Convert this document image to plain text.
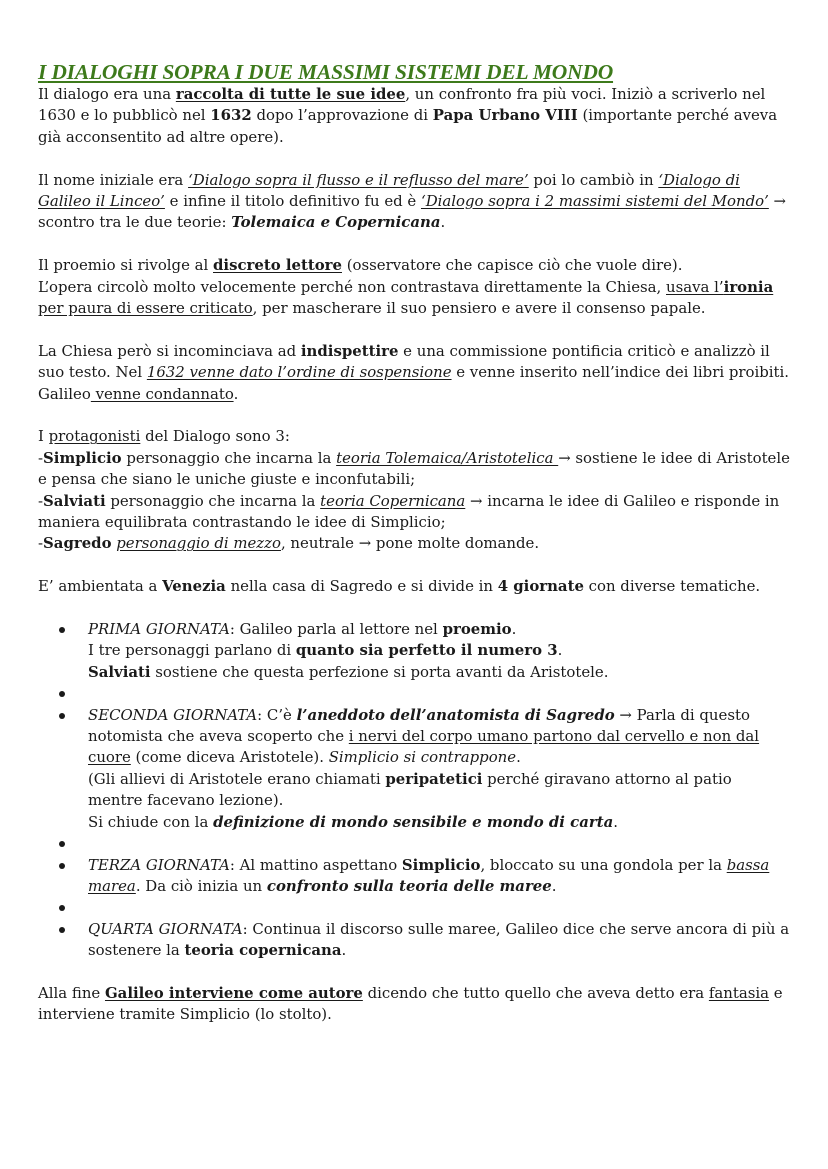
I DIALOGHI SOPRA I DUE MASSIMI SISTEMI DEL MONDO

Il dialogo era una raccolta di tutte le sue idee, un confronto fra più voci. Iniziò a scriverlo nel 1630 e lo pubblicò nel 1632 dopo l’approvazione di Papa Urbano VIII (importante perché aveva già acconsentito ad altre opere).

Il nome iniziale era ‘Dialogo sopra il flusso e il reflusso del mare’ poi lo cambiò in ‘Dialogo di Galileo il Linceo’ e infine il titolo definitivo fu ed è ‘Dialogo sopra i 2 massimi sistemi del Mondo’ → scontro tra le due teorie: Tolemaica e Copernicana.

Il proemio si rivolge al discreto lettore (osservatore che capisce ciò che vuole dire).
L’opera circolò molto velocemente perché non contrastava direttamente la Chiesa, usava l’ironia per paura di essere criticato, per mascherare il suo pensiero e avere il consenso papale.

La Chiesa però si incominciava ad indispettire e una commissione pontificia criticò e analizzò il suo testo. Nel 1632 venne dato l’ordine di sospensione e venne inserito nell’indice dei libri proibiti.
Galileo venne condannato.

I protagonisti del Dialogo sono 3:
-Simplicio personaggio che incarna la teoria Tolemaica/Aristotelica → sostiene le idee di Aristotele e pensa che siano le uniche giuste e inconfutabili;
-Salviati personaggio che incarna la teoria Copernicana → incarna le idee di Galileo e risponde in maniera equilibrata contrastando le idee di Simplicio;
-Sagredo personaggio di mezzo, neutrale → pone molte domande.

E’ ambientata a Venezia nella casa di Sagredo e si divide in 4 giornate con diverse tematiche.

PRIMA GIORNATA: Galileo parla al lettore nel proemio.
I tre personaggi parlano di quanto sia perfetto il numero 3.
Salviati sostiene che questa perfezione si porta avanti da Aristotele.
SECONDA GIORNATA: C’è l’aneddoto dell’anatomista di Sagredo → Parla di questo notomista che aveva scoperto che i nervi del corpo umano partono dal cervello e non dal cuore (come diceva Aristotele). Simplicio si contrappone.
(Gli allievi di Aristotele erano chiamati peripatetici perché giravano attorno al patio mentre facevano lezione).
Si chiude con la definizione di mondo sensibile e mondo di carta.
TERZA GIORNATA: Al mattino aspettano Simplicio, bloccato su una gondola per la bassa marea. Da ciò inizia un confronto sulla teoria delle maree.
QUARTA GIORNATA: Continua il discorso sulle maree, Galileo dice che serve ancora di più a sostenere la teoria copernicana.

Alla fine Galileo interviene come autore dicendo che tutto quello che aveva detto era fantasia e interviene tramite Simplicio (lo stolto).
